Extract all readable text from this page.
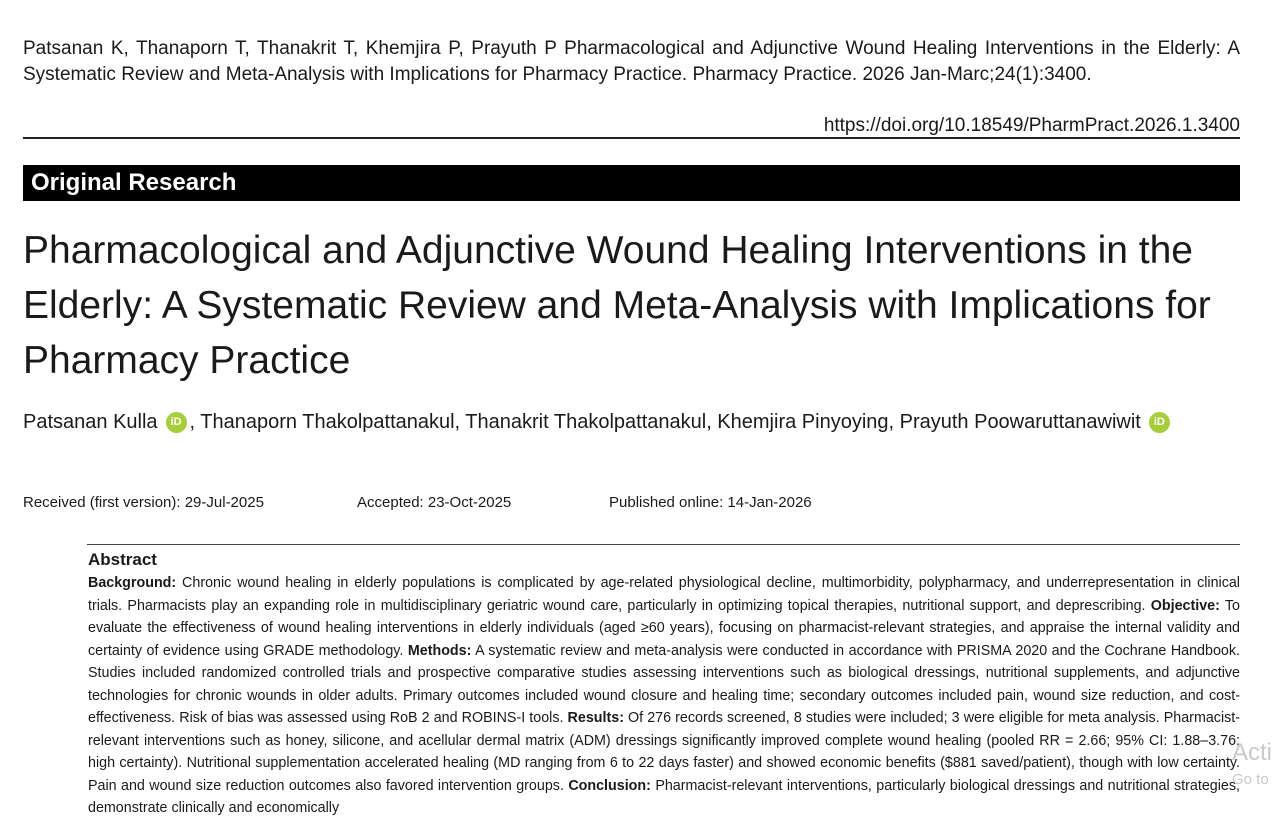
Patsanan K, Thanaporn T, Thanakrit T, Khemjira P, Prayuth P Pharmacological and Adjunctive Wound Healing Interventions in the Elderly: A Systematic Review and Meta-Analysis with Implications for Pharmacy Practice. Pharmacy Practice. 2026 Jan-Marc;24(1):3400.

https://doi.org/10.18549/PharmPract.2026.1.3400
Original Research
Pharmacological and Adjunctive Wound Healing Interventions in the Elderly: A Systematic Review and Meta-Analysis with Implications for Pharmacy Practice
Patsanan Kulla iD , Thanaporn Thakolpattanakul, Thanakrit Thakolpattanakul, Khemjira Pinyoying, Prayuth Poowaruttanawiwit iD
Received (first version): 29-Jul-2025	Accepted: 23-Oct-2025	Published online: 14-Jan-2026
Abstract

Background: Chronic wound healing in elderly populations is complicated by age-related physiological decline, multimorbidity, polypharmacy, and underrepresentation in clinical trials. Pharmacists play an expanding role in multidisciplinary geriatric wound care, particularly in optimizing topical therapies, nutritional support, and deprescribing. Objective: To evaluate the effectiveness of wound healing interventions in elderly individuals (aged ≥60 years), focusing on pharmacist-relevant strategies, and appraise the internal validity and certainty of evidence using GRADE methodology. Methods: A systematic review and meta-analysis were conducted in accordance with PRISMA 2020 and the Cochrane Handbook. Studies included randomized controlled trials and prospective comparative studies assessing interventions such as biological dressings, nutritional supplements, and adjunctive technologies for chronic wounds in older adults. Primary outcomes included wound closure and healing time; secondary outcomes included pain, wound size reduction, and cost-effectiveness. Risk of bias was assessed using RoB 2 and ROBINS-I tools. Results: Of 276 records screened, 8 studies were included; 3 were eligible for meta analysis. Pharmacist-relevant interventions such as honey, silicone, and acellular dermal matrix (ADM) dressings significantly improved complete wound healing (pooled RR = 2.66; 95% CI: 1.88–3.76; high certainty). Nutritional supplementation accelerated healing (MD ranging from 6 to 22 days faster) and showed economic benefits ($881 saved/patient), though with low certainty. Pain and wound size reduction outcomes also favored intervention groups. Conclusion: Pharmacist-relevant interventions, particularly biological dressings and nutritional strategies, demonstrate clinically and economically

Acti
Go to
